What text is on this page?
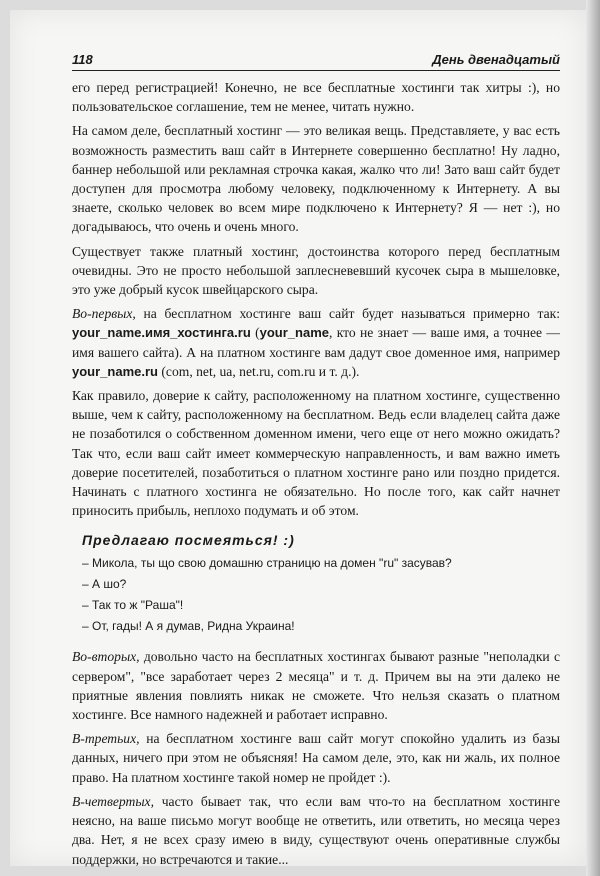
118	День двенадцатый

его перед регистрацией! Конечно, не все бесплатные хостинги так хитры :), но пользовательское соглашение, тем не менее, читать нужно.

На самом деле, бесплатный хостинг — это великая вещь. Представляете, у вас есть возможность разместить ваш сайт в Интернете совершенно бесплатно! Ну ладно, баннер небольшой или рекламная строчка какая, жалко что ли! Зато ваш сайт будет доступен для просмотра любому человеку, подключенному к Интернету. А вы знаете, сколько человек во всем мире подключено к Интернету? Я — нет :), но догадываюсь, что очень и очень много.

Существует также платный хостинг, достоинства которого перед бесплатным очевидны. Это не просто небольшой заплесневевший кусочек сыра в мышеловке, это уже добрый кусок швейцарского сыра.

Во-первых, на бесплатном хостинге ваш сайт будет называться примерно так: your_name.имя_хостинга.ru (your_name, кто не знает — ваше имя, а точнее — имя вашего сайта). А на платном хостинге вам дадут свое доменное имя, например your_name.ru (com, net, ua, net.ru, com.ru и т. д.).

Как правило, доверие к сайту, расположенному на платном хостинге, существенно выше, чем к сайту, расположенному на бесплатном. Ведь если владелец сайта даже не позаботился о собственном доменном имени, чего еще от него можно ожидать? Так что, если ваш сайт имеет коммерческую направленность, и вам важно иметь доверие посетителей, позаботиться о платном хостинге рано или поздно придется. Начинать с платного хостинга не обязательно. Но после того, как сайт начнет приносить прибыль, неплохо подумать и об этом.

Предлагаю посмеяться! :)

– Микола, ты що свою домашню страницю на домен "ru" засував?

– А шо?

– Так то ж "Раша"!

– От, гады! А я думав, Ридна Украина!

Во-вторых, довольно часто на бесплатных хостингах бывают разные "неполадки с сервером", "все заработает через 2 месяца" и т. д. Причем вы на эти далеко не приятные явления повлиять никак не сможете. Что нельзя сказать о платном хостинге. Все намного надежней и работает исправно.

В-третьих, на бесплатном хостинге ваш сайт могут спокойно удалить из базы данных, ничего при этом не объясняя! На самом деле, это, как ни жаль, их полное право. На платном хостинге такой номер не пройдет :).

В-четвертых, часто бывает так, что если вам что-то на бесплатном хостинге неясно, на ваше письмо могут вообще не ответить, или ответить, но месяца через два. Нет, я не всех сразу имею в виду, существуют очень оперативные службы поддержки, но встречаются и такие...
